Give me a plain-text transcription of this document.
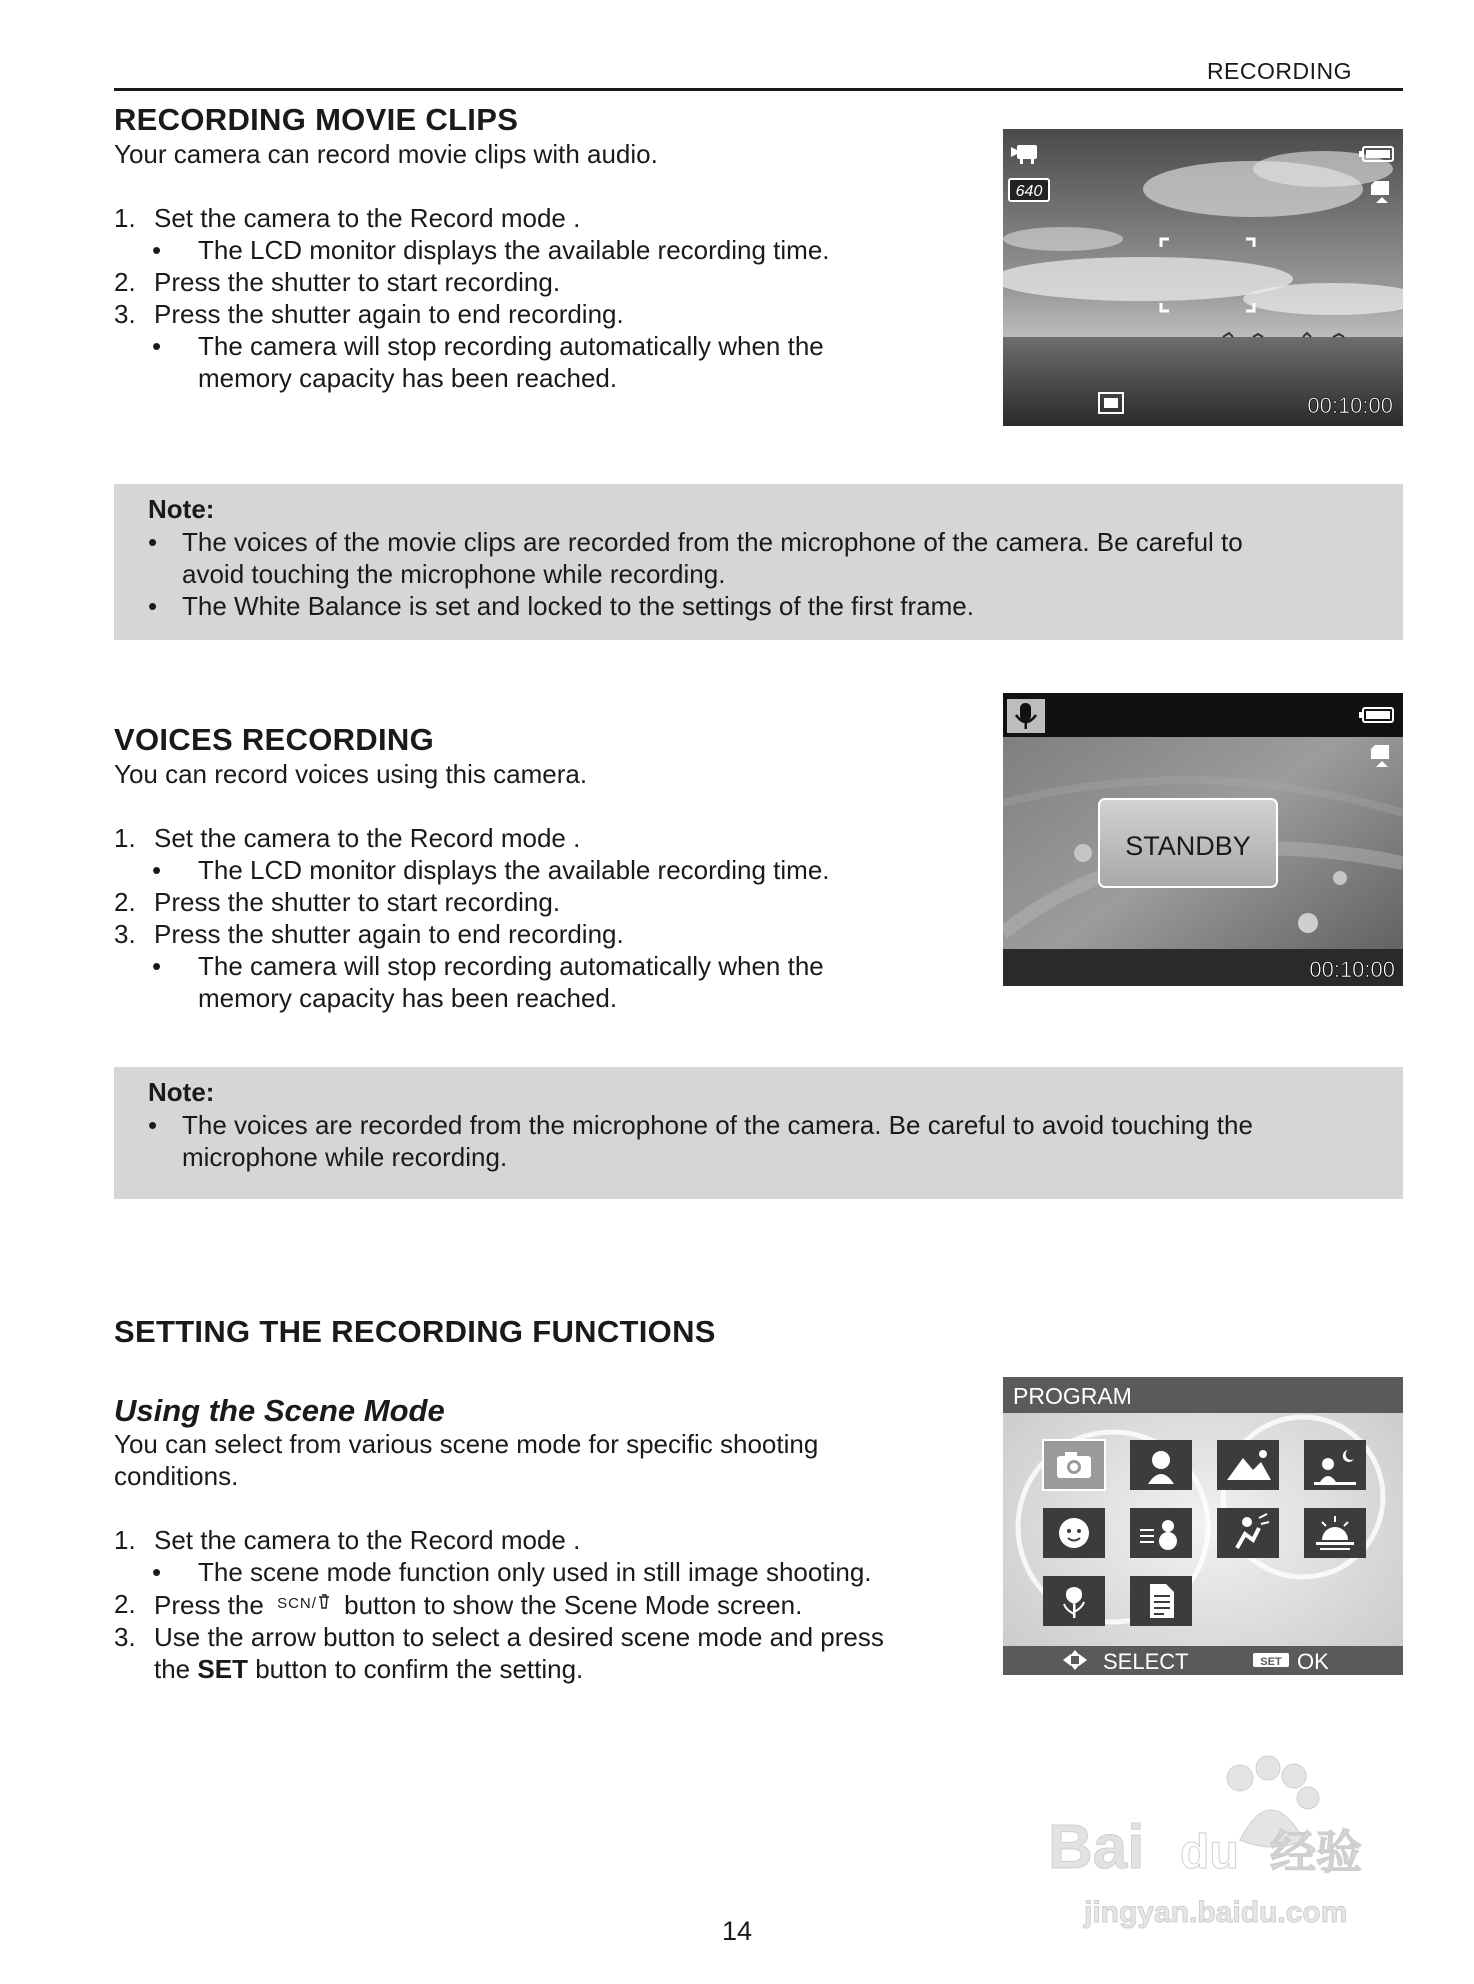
RECORDING
RECORDING MOVIE CLIPS
Your camera can record movie clips with audio.
1. Set the camera to the Record mode .
• The LCD monitor displays the available recording time.
2. Press the shutter to start recording.
3. Press the shutter again to end recording.
• The camera will stop recording automatically when the
memory capacity has been reached.
640
00:10:00
Note:
• The voices of the movie clips are recorded from the microphone of the camera. Be careful to
avoid touching the microphone while recording.
• The White Balance is set and locked to the settings of the first frame.
VOICES RECORDING
You can record voices using this camera.
1. Set the camera to the Record mode .
• The LCD monitor displays the available recording time.
2. Press the shutter to start recording.
3. Press the shutter again to end recording.
• The camera will stop recording automatically when the
memory capacity has been reached.
STANDBY
00:10:00
Note:
• The voices are recorded from the microphone of the camera. Be careful to avoid touching the
microphone while recording.
SETTING THE RECORDING FUNCTIONS
Using the Scene Mode
You can select from various scene mode for specific shooting
conditions.
1. Set the camera to the Record mode .
• The scene mode function only used in still image shooting.
2. Press the SCN/ button to show the Scene Mode screen.
3. Use the arrow button to select a desired scene mode and press
the SET button to confirm the setting.
PROGRAM
SELECT	SET OK
14
Bai du 经验
jingyan.baidu.com
